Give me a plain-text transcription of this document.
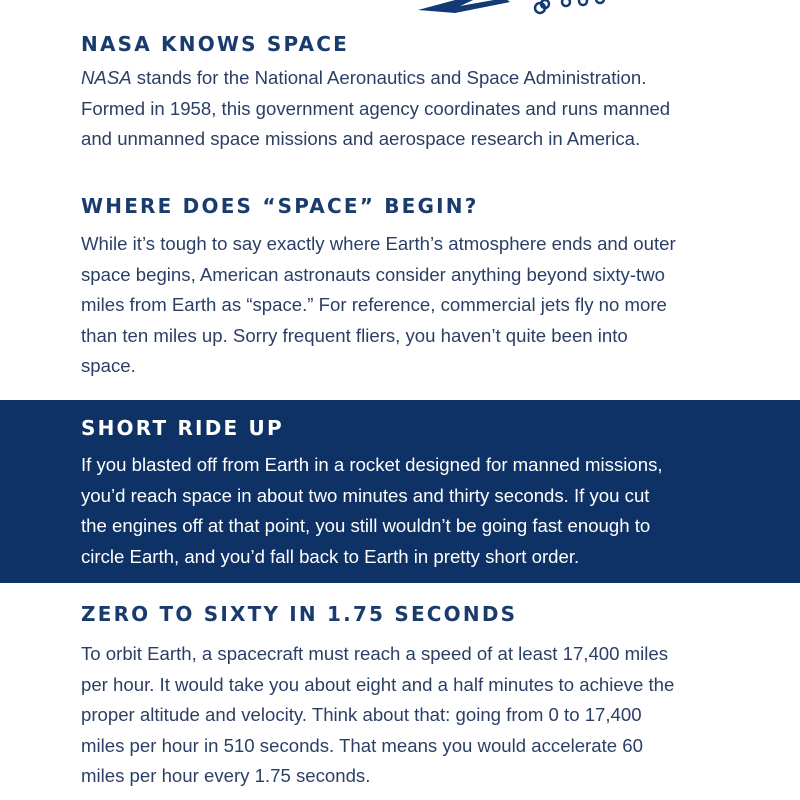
NASA KNOWS SPACE

NASA stands for the National Aeronautics and Space Administration.
Formed in 1958, this government agency coordinates and runs manned
and unmanned space missions and aerospace research in America.

WHERE DOES “SPACE” BEGIN?

While it’s tough to say exactly where Earth’s atmosphere ends and outer
space begins, American astronauts consider anything beyond sixty-two
miles from Earth as “space.” For reference, commercial jets fly no more
than ten miles up. Sorry frequent fliers, you haven’t quite been into
space.

SHORT RIDE UP

If you blasted off from Earth in a rocket designed for manned missions,
you’d reach space in about two minutes and thirty seconds. If you cut
the engines off at that point, you still wouldn’t be going fast enough to
circle Earth, and you’d fall back to Earth in pretty short order.

ZERO TO SIXTY IN 1.75 SECONDS

To orbit Earth, a spacecraft must reach a speed of at least 17,400 miles
per hour. It would take you about eight and a half minutes to achieve the
proper altitude and velocity. Think about that: going from 0 to 17,400
miles per hour in 510 seconds. That means you would accelerate 60
miles per hour every 1.75 seconds.
